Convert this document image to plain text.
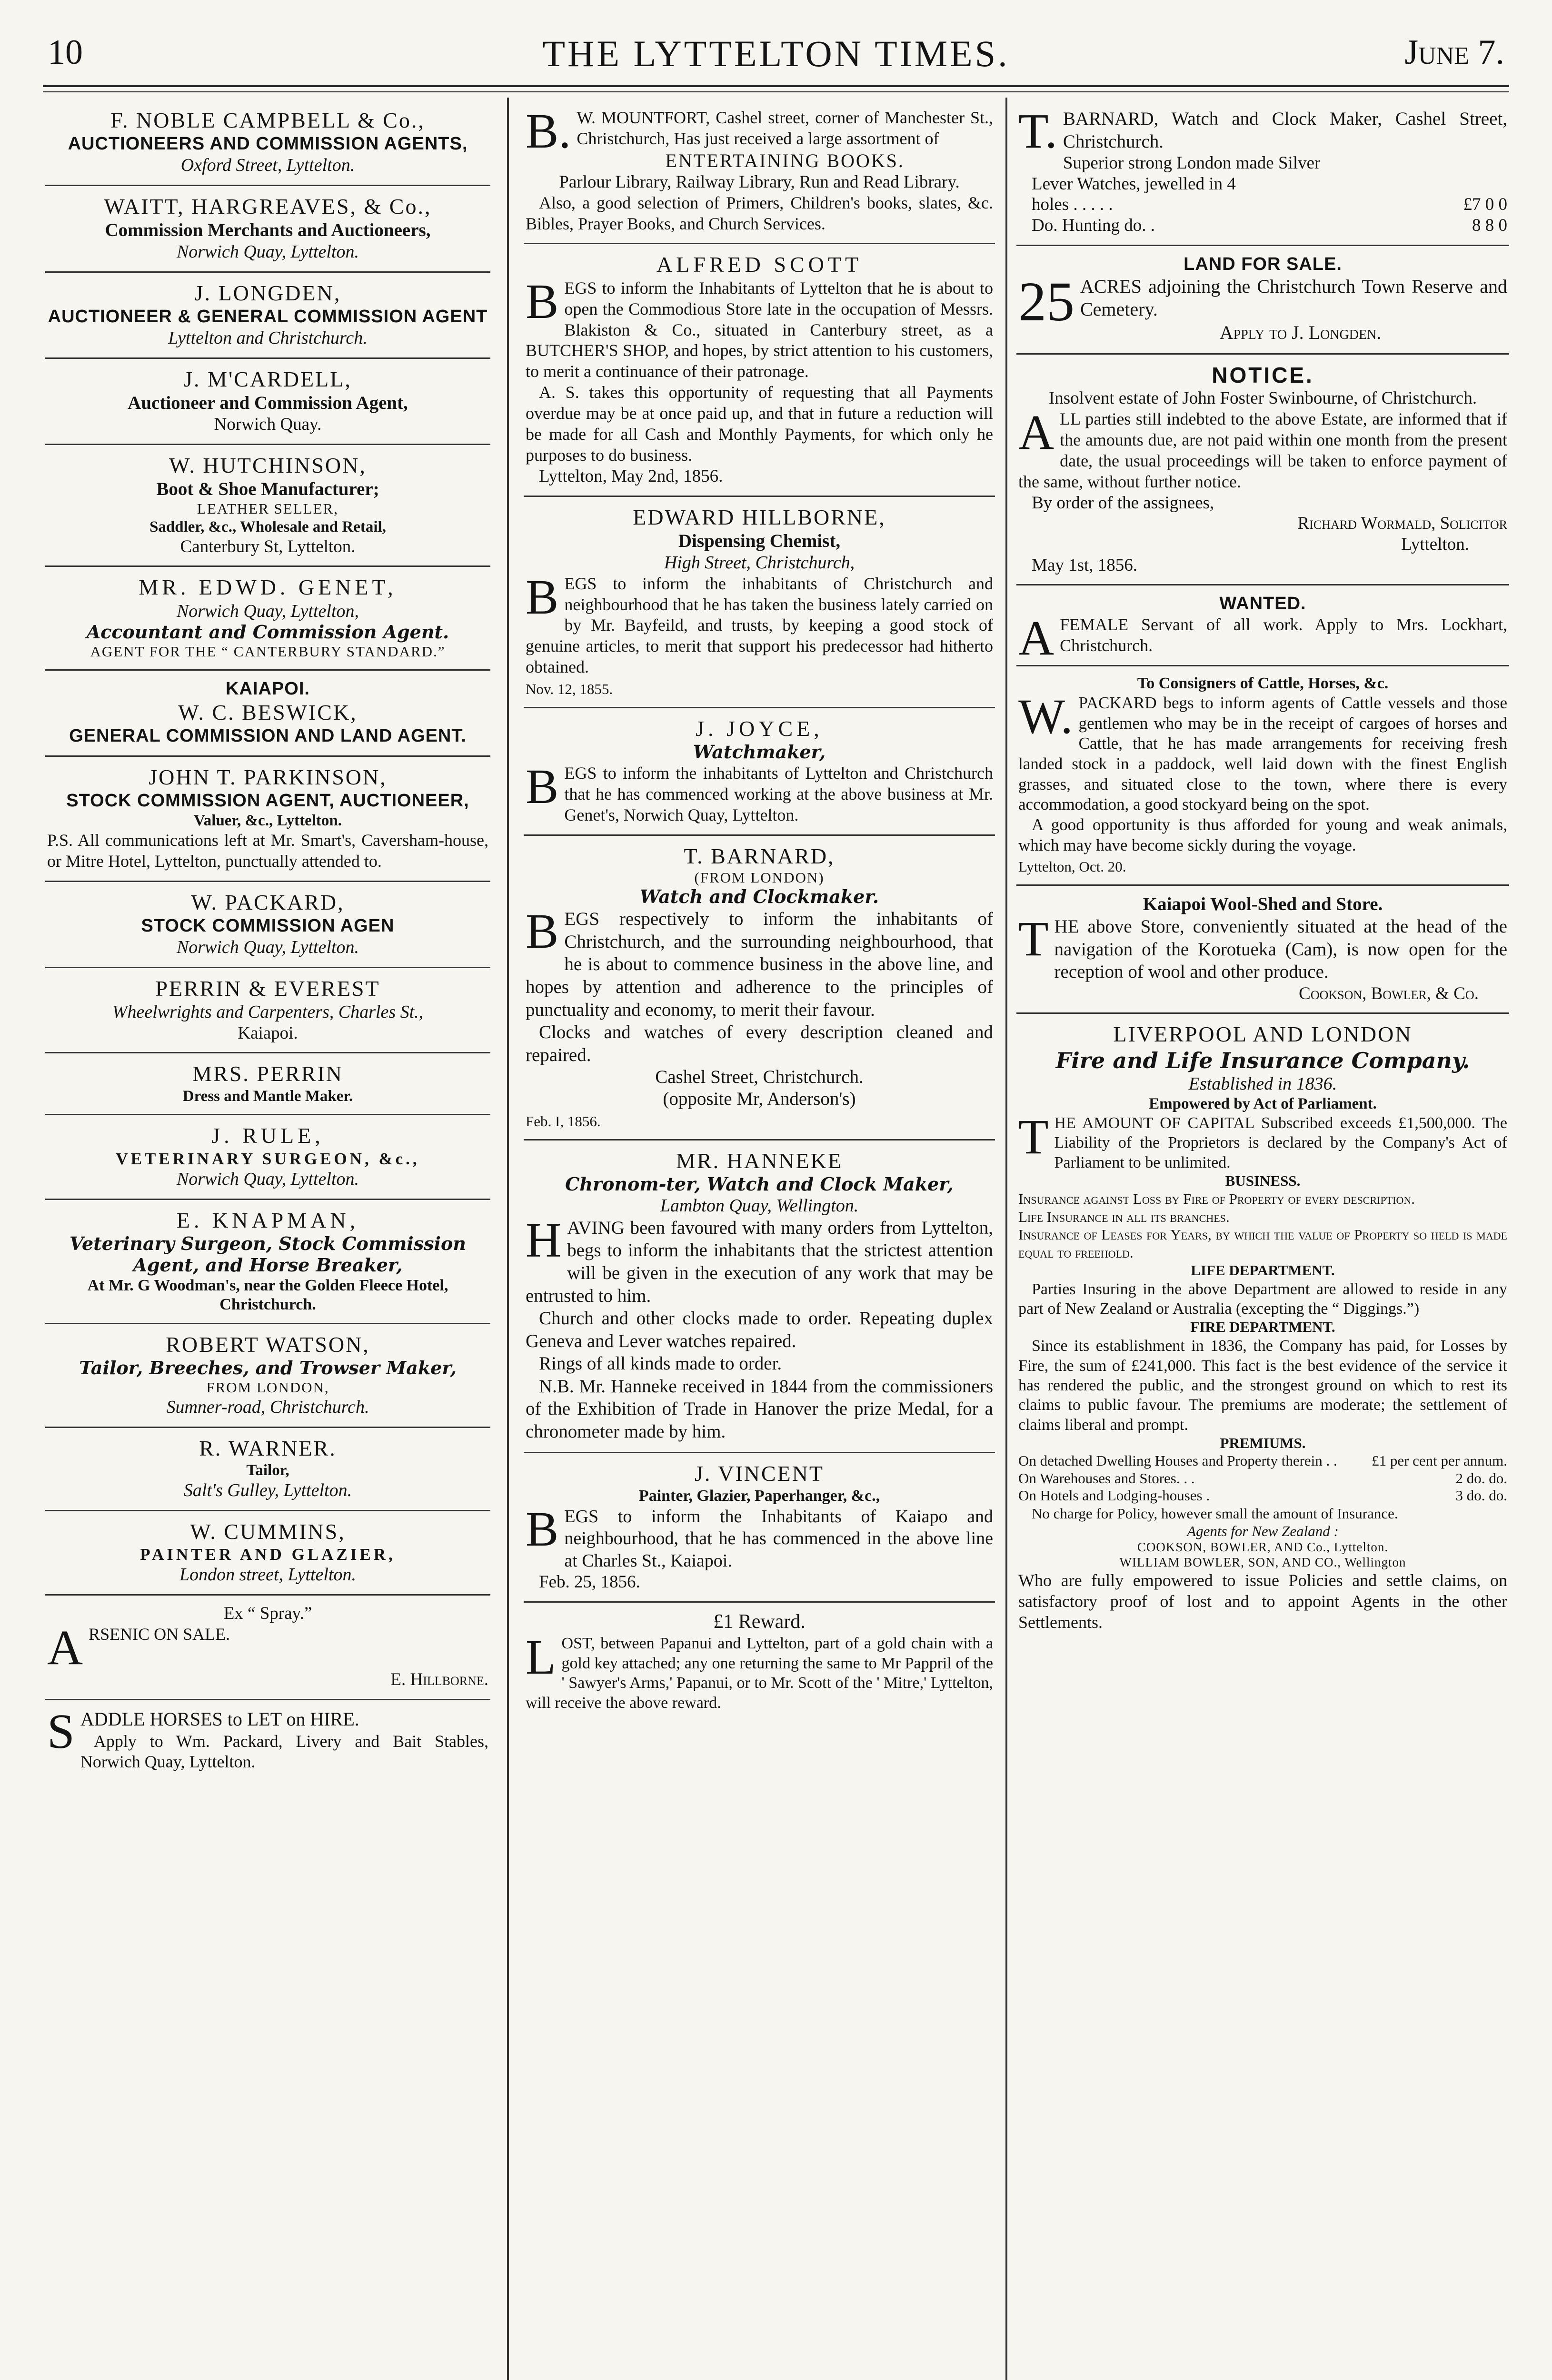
10	THE LYTTELTON TIMES.	June 7.
F. NOBLE CAMPBELL & Co.,
AUCTIONEERS AND COMMISSION AGENTS,
Oxford Street, Lyttelton.
WAITT, HARGREAVES, & Co.,
Commission Merchants and Auctioneers,
Norwich Quay, Lyttelton.
J. LONGDEN,
AUCTIONEER & GENERAL COMMISSION AGENT
Lyttelton and Christchurch.
J. M'CARDELL,
Auctioneer and Commission Agent,
Norwich Quay.
W. HUTCHINSON,
Boot & Shoe Manufacturer;
LEATHER SELLER,
Saddler, &c., Wholesale and Retail,
Canterbury St, Lyttelton.
MR. EDWD. GENET,
Norwich Quay, Lyttelton,
Accountant and Commission Agent.
AGENT FOR THE “ CANTERBURY STANDARD.”
KAIAPOI.
W. C. BESWICK,
GENERAL COMMISSION AND LAND AGENT.
JOHN T. PARKINSON,
STOCK COMMISSION AGENT, AUCTIONEER,
Valuer, &c., Lyttelton.
P.S. All communications left at Mr. Smart's, Caversham-house, or Mitre Hotel, Lyttelton, punctually attended to.
W. PACKARD,
STOCK COMMISSION AGEN
Norwich Quay, Lyttelton.
PERRIN & EVEREST
Wheelwrights and Carpenters, Charles St.,
Kaiapoi.
MRS. PERRIN
Dress and Mantle Maker.
J. RULE,
VETERINARY SURGEON, &c.,
Norwich Quay, Lyttelton.
E. KNAPMAN,
Veterinary Surgeon, Stock Commission Agent, and Horse Breaker,
At Mr. G Woodman's, near the Golden Fleece Hotel, Christchurch.
ROBERT WATSON,
Tailor, Breeches, and Trowser Maker,
FROM LONDON,
Sumner-road, Christchurch.
R. WARNER.
Tailor,
Salt's Gulley, Lyttelton.
W. CUMMINS,
PAINTER AND GLAZIER,
London street, Lyttelton.
Ex “ Spray.”
ARSENIC ON SALE.
E. Hillborne.
SADDLE HORSES to LET on HIRE.
Apply to Wm. Packard, Livery and Bait Stables, Norwich Quay, Lyttelton.
B. W. MOUNTFORT, Cashel street, corner of Manchester St., Christchurch, Has just received a large assortment of
ENTERTAINING BOOKS.
Parlour Library, Railway Library, Run and Read Library.
Also, a good selection of Primers, Children's books, slates, &c. Bibles, Prayer Books, and Church Services.
ALFRED SCOTT
BEGS to inform the Inhabitants of Lyttelton that he is about to open the Commodious Store late in the occupation of Messrs. Blakiston & Co., situated in Canterbury street, as a BUTCHER'S SHOP, and hopes, by strict attention to his customers, to merit a continuance of their patronage.
A. S. takes this opportunity of requesting that all Payments overdue may be at once paid up, and that in future a reduction will be made for all Cash and Monthly Payments, for which only he purposes to do business.
Lyttelton, May 2nd, 1856.
EDWARD HILLBORNE,
Dispensing Chemist,
High Street, Christchurch,
BEGS to inform the inhabitants of Christchurch and neighbourhood that he has taken the business lately carried on by Mr. Bayfeild, and trusts, by keeping a good stock of genuine articles, to merit that support his predecessor had hitherto obtained.
Nov. 12, 1855.
J. JOYCE,
Watchmaker,
BEGS to inform the inhabitants of Lyttelton and Christchurch that he has commenced working at the above business at Mr. Genet's, Norwich Quay, Lyttelton.
T. BARNARD,
(FROM LONDON)
Watch and Clockmaker.
BEGS respectively to inform the inhabitants of Christchurch, and the surrounding neighbourhood, that he is about to commence business in the above line, and hopes by attention and adherence to the principles of punctuality and economy, to merit their favour.
Clocks and watches of every description cleaned and repaired.
Cashel Street, Christchurch.
(opposite Mr, Anderson's)
Feb. I, 1856.
MR. HANNEKE
Chronom-ter, Watch and Clock Maker,
Lambton Quay, Wellington.
HAVING been favoured with many orders from Lyttelton, begs to inform the inhabitants that the strictest attention will be given in the execution of any work that may be entrusted to him.
Church and other clocks made to order. Repeating duplex Geneva and Lever watches repaired.
Rings of all kinds made to order.
N.B. Mr. Hanneke received in 1844 from the commissioners of the Exhibition of Trade in Hanover the prize Medal, for a chronometer made by him.
J. VINCENT
Painter, Glazier, Paperhanger, &c.,
BEGS to inform the Inhabitants of Kaiapo and neighbourhood, that he has commenced in the above line at Charles St., Kaiapoi.
Feb. 25, 1856.
£1 Reward.
LOST, between Papanui and Lyttelton, part of a gold chain with a gold key attached; any one returning the same to Mr Pappril of the ' Sawyer's Arms,' Papanui, or to Mr. Scott of the ' Mitre,' Lyttelton, will receive the above reward.
T. BARNARD, Watch and Clock Maker, Cashel Street, Christchurch.
Superior strong London made Silver
Lever Watches, jewelled in 4
holes . . . . .	£7 0 0
Do. Hunting do. .	8 8 0
LAND FOR SALE.
25 ACRES adjoining the Christchurch Town Reserve and Cemetery.
Apply to J. Longden.
NOTICE.
Insolvent estate of John Foster Swinbourne, of Christchurch.
ALL parties still indebted to the above Estate, are informed that if the amounts due, are not paid within one month from the present date, the usual proceedings will be taken to enforce payment of the same, without further notice.
By order of the assignees,
Richard Wormald, Solicitor
Lyttelton.
May 1st, 1856.
WANTED.
AFEMALE Servant of all work. Apply to Mrs. Lockhart, Christchurch.
To Consigners of Cattle, Horses, &c.
W. PACKARD begs to inform agents of Cattle vessels and those gentlemen who may be in the receipt of cargoes of horses and Cattle, that he has made arrangements for receiving fresh landed stock in a paddock, well laid down with the finest English grasses, and situated close to the town, where there is every accommodation, a good stockyard being on the spot.
A good opportunity is thus afforded for young and weak animals, which may have become sickly during the voyage.
Lyttelton, Oct. 20.
Kaiapoi Wool-Shed and Store.
THE above Store, conveniently situated at the head of the navigation of the Korotueka (Cam), is now open for the reception of wool and other produce.
Cookson, Bowler, & Co.
LIVERPOOL AND LONDON
Fire and Life Insurance Company.
Established in 1836.
Empowered by Act of Parliament.
THE AMOUNT OF CAPITAL Subscribed exceeds £1,500,000. The Liability of the Proprietors is declared by the Company's Act of Parliament to be unlimited.
BUSINESS.
Insurance against Loss by Fire of Property of every description.
Life Insurance in all its branches.
Insurance of Leases for Years, by which the value of Property so held is made equal to freehold.
LIFE DEPARTMENT.
Parties Insuring in the above Department are allowed to reside in any part of New Zealand or Australia (excepting the “ Diggings.”)
FIRE DEPARTMENT.
Since its establishment in 1836, the Company has paid, for Losses by Fire, the sum of £241,000. This fact is the best evidence of the service it has rendered the public, and the strongest ground on which to rest its claims to public favour. The premiums are moderate; the settlement of claims liberal and prompt.
PREMIUMS.
On detached Dwelling Houses and Property therein . . £1 per cent per annum.
On Warehouses and Stores. . .	2 do. do.
On Hotels and Lodging-houses .	3 do. do.
No charge for Policy, however small the amount of Insurance.
Agents for New Zealand :
COOKSON, BOWLER, AND Co., Lyttelton.
WILLIAM BOWLER, SON, AND CO., Wellington
Who are fully empowered to issue Policies and settle claims, on satisfactory proof of lost and to appoint Agents in the other Settlements.
